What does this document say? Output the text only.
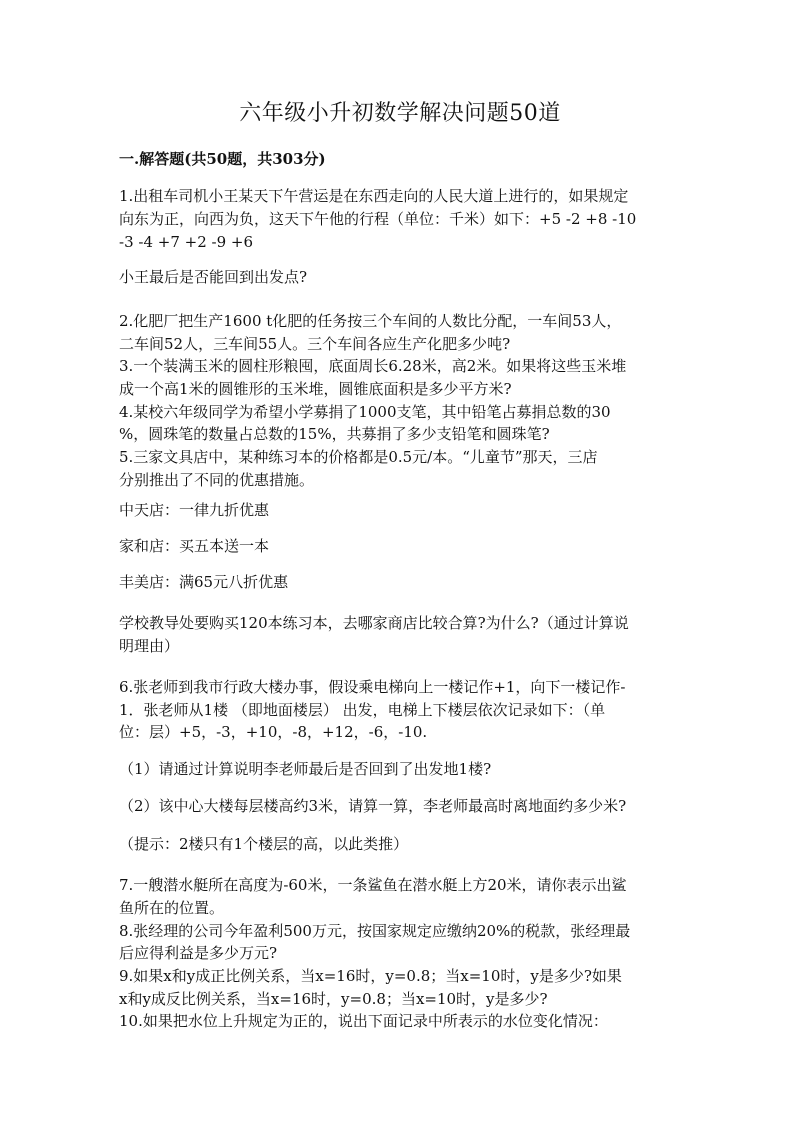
六年级小升初数学解决问题50道
一.解答题(共50题，共303分)
1.出租车司机小王某天下午营运是在东西走向的人民大道上进行的，如果规定
向东为正，向西为负，这天下午他的行程（单位：千米）如下：+5 -2 +8 -10
-3 -4 +7 +2 -9 +6
小王最后是否能回到出发点?
2.化肥厂把生产1600 t化肥的任务按三个车间的人数比分配，一车间53人，
二车间52人，三车间55人。三个车间各应生产化肥多少吨?
3.一个装满玉米的圆柱形粮囤，底面周长6.28米，高2米。如果将这些玉米堆
成一个高1米的圆锥形的玉米堆，圆锥底面积是多少平方米?
4.某校六年级同学为希望小学募捐了1000支笔，其中铅笔占募捐总数的30
%，圆珠笔的数量占总数的15%，共募捐了多少支铅笔和圆珠笔?
5.三家文具店中，某种练习本的价格都是0.5元/本。“儿童节”那天，三店
分别推出了不同的优惠措施。
中天店：一律九折优惠
家和店：买五本送一本
丰美店：满65元八折优惠
学校教导处要购买120本练习本，去哪家商店比较合算?为什么?（通过计算说
明理由）
6.张老师到我市行政大楼办事，假设乘电梯向上一楼记作+1，向下一楼记作-
1．张老师从1楼 （即地面楼层） 出发，电梯上下楼层依次记录如下：（单
位：层）+5，-3，+10，-8，+12，-6，-10.
（1）请通过计算说明李老师最后是否回到了出发地1楼?
（2）该中心大楼每层楼高约3米，请算一算，李老师最高时离地面约多少米?
（提示：2楼只有1个楼层的高，以此类推）
7.一艘潜水艇所在高度为-60米，一条鲨鱼在潜水艇上方20米，请你表示出鲨
鱼所在的位置。
8.张经理的公司今年盈利500万元，按国家规定应缴纳20%的税款，张经理最
后应得利益是多少万元?
9.如果x和y成正比例关系，当x=16时，y=0.8；当x=10时，y是多少?如果
x和y成反比例关系，当x=16时，y=0.8；当x=10时，y是多少?
10.如果把水位上升规定为正的，说出下面记录中所表示的水位变化情况：
